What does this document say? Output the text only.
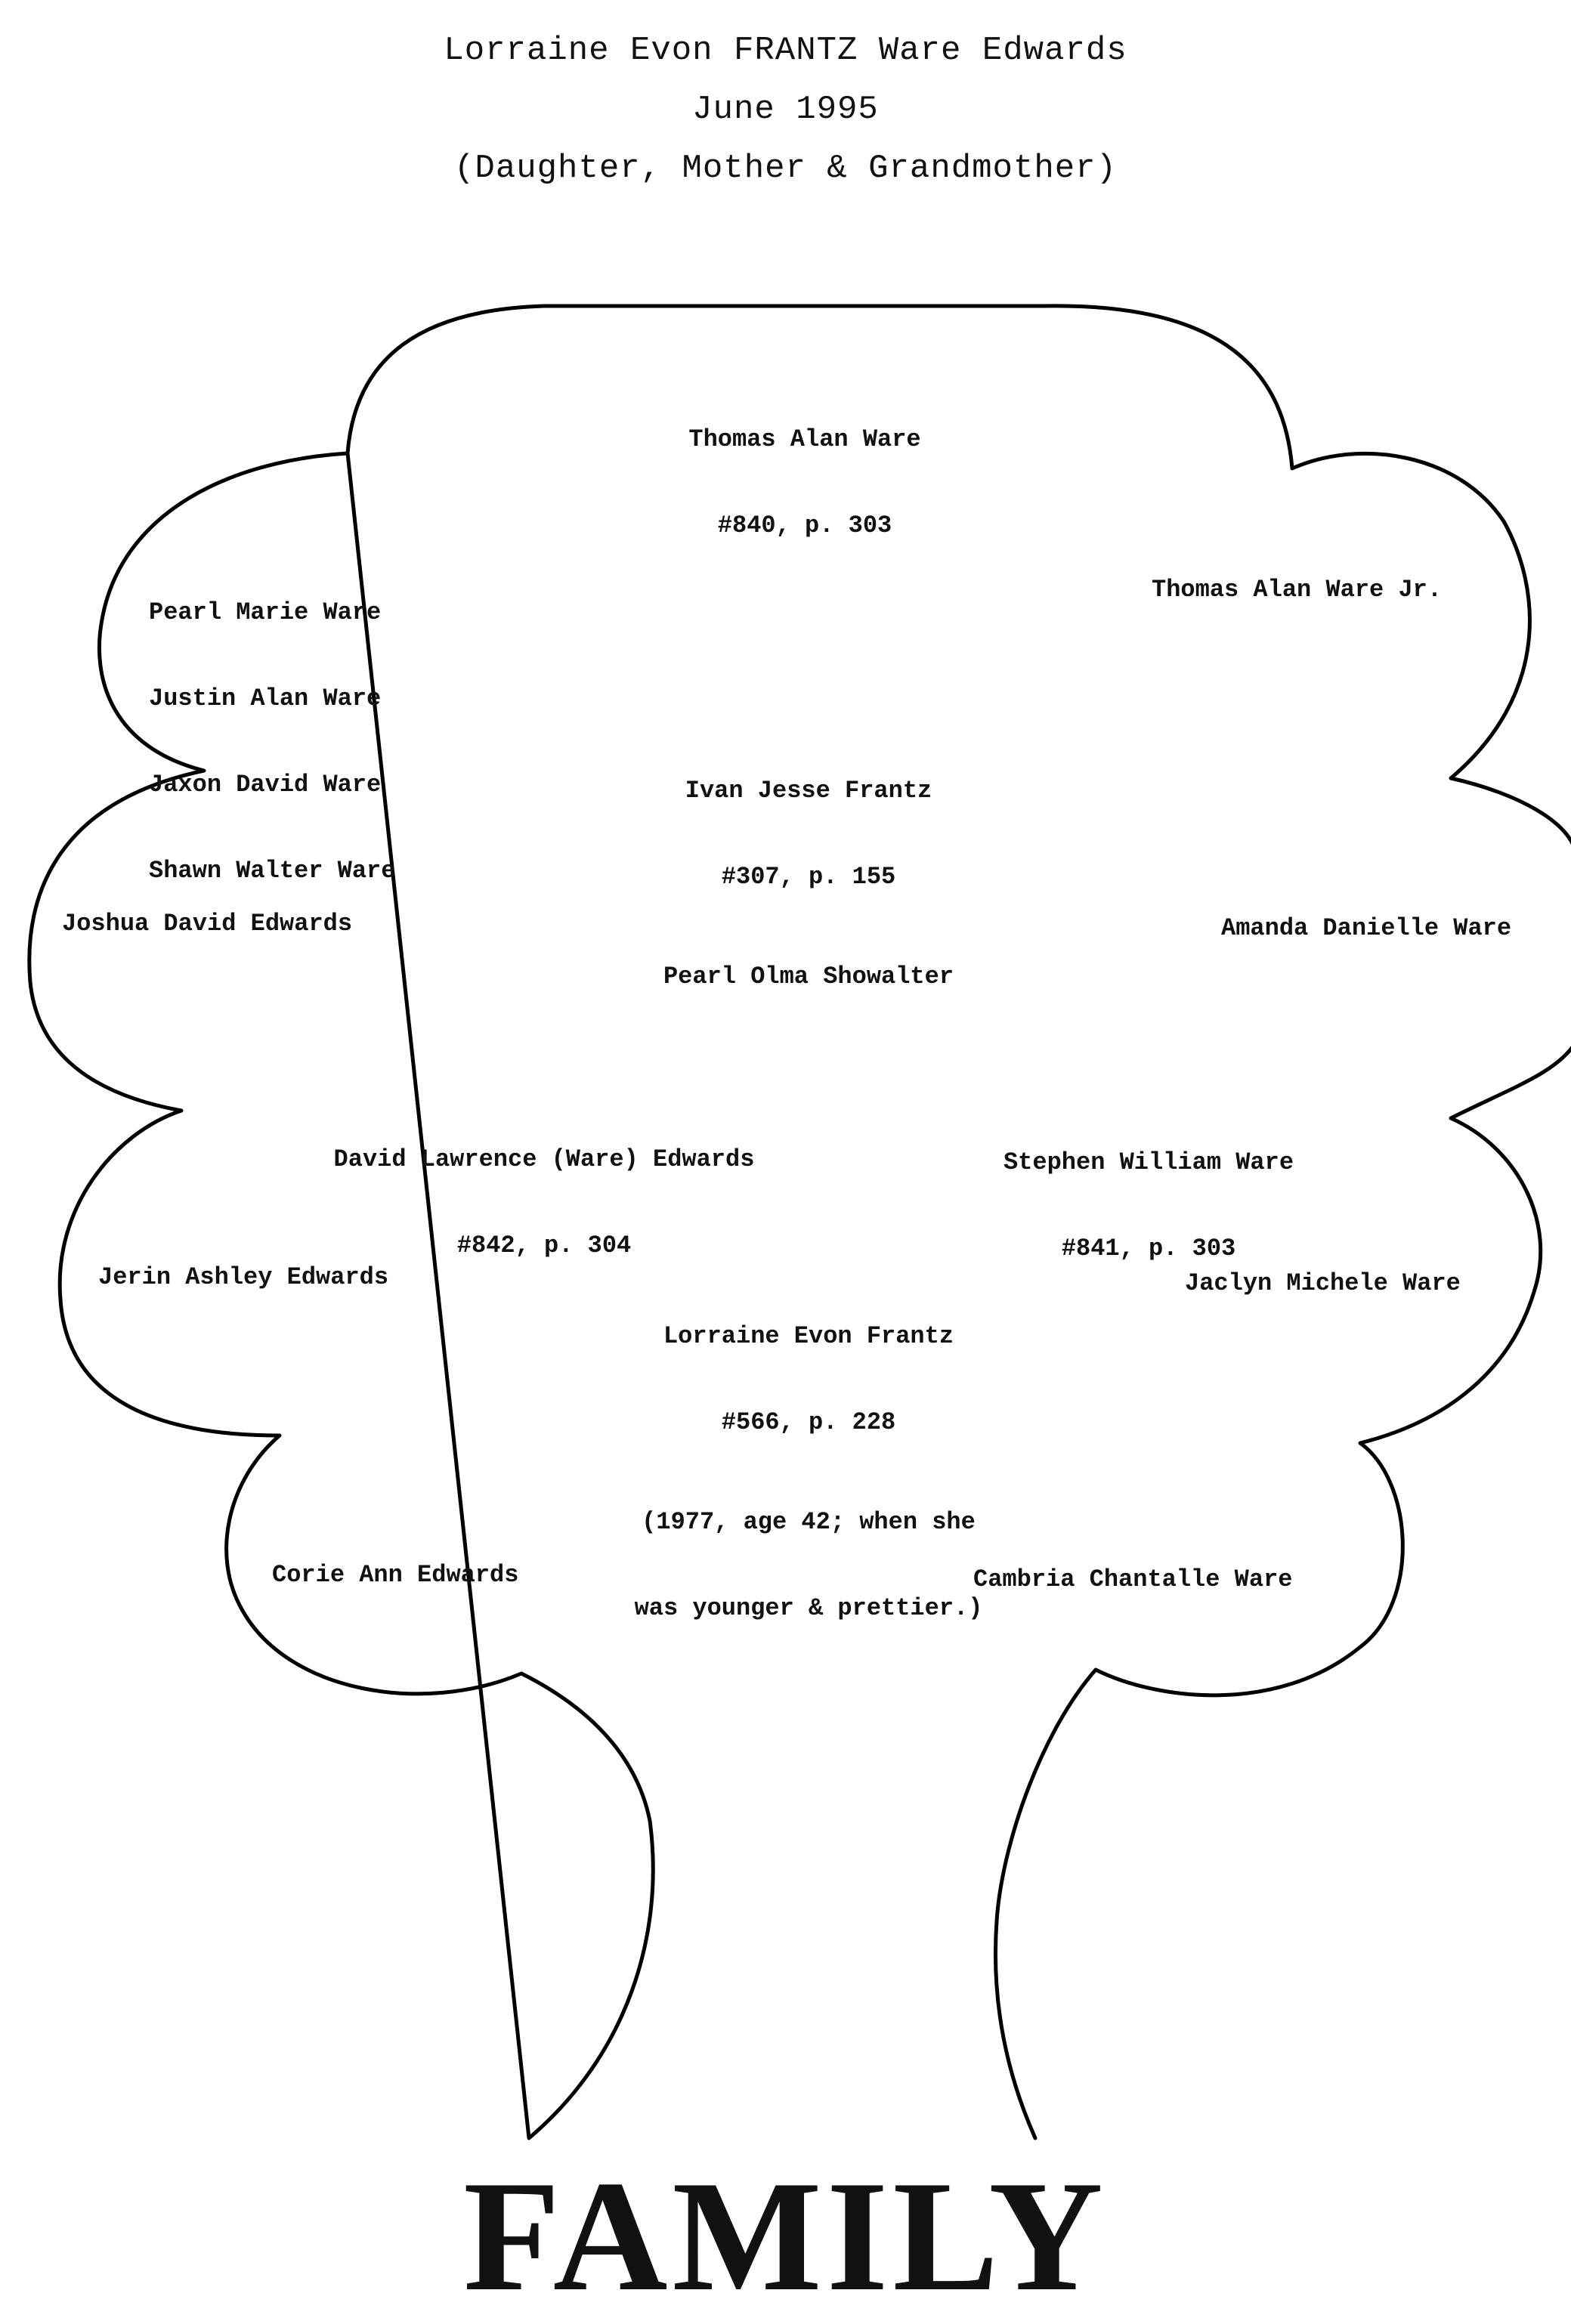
Lorraine Evon FRANTZ Ware Edwards
June 1995
(Daughter, Mother & Grandmother)

Thomas Alan Ware

#840, p. 303

Pearl Marie Ware

Justin Alan Ware

Jaxon David Ware

Shawn Walter Ware

Thomas Alan Ware Jr.

Ivan Jesse Frantz

#307, p. 155

Pearl Olma Showalter

Joshua David Edwards	Amanda Danielle Ware

David Lawrence (Ware) Edwards

#842, p. 304

Stephen William Ware

#841, p. 303

Jerin Ashley Edwards

Lorraine Evon Frantz

#566, p. 228

(1977, age 42; when she

was younger & prettier.)

Jaclyn Michele Ware
Corie Ann Edwards	Cambria Chantalle Ware
FAMILY
